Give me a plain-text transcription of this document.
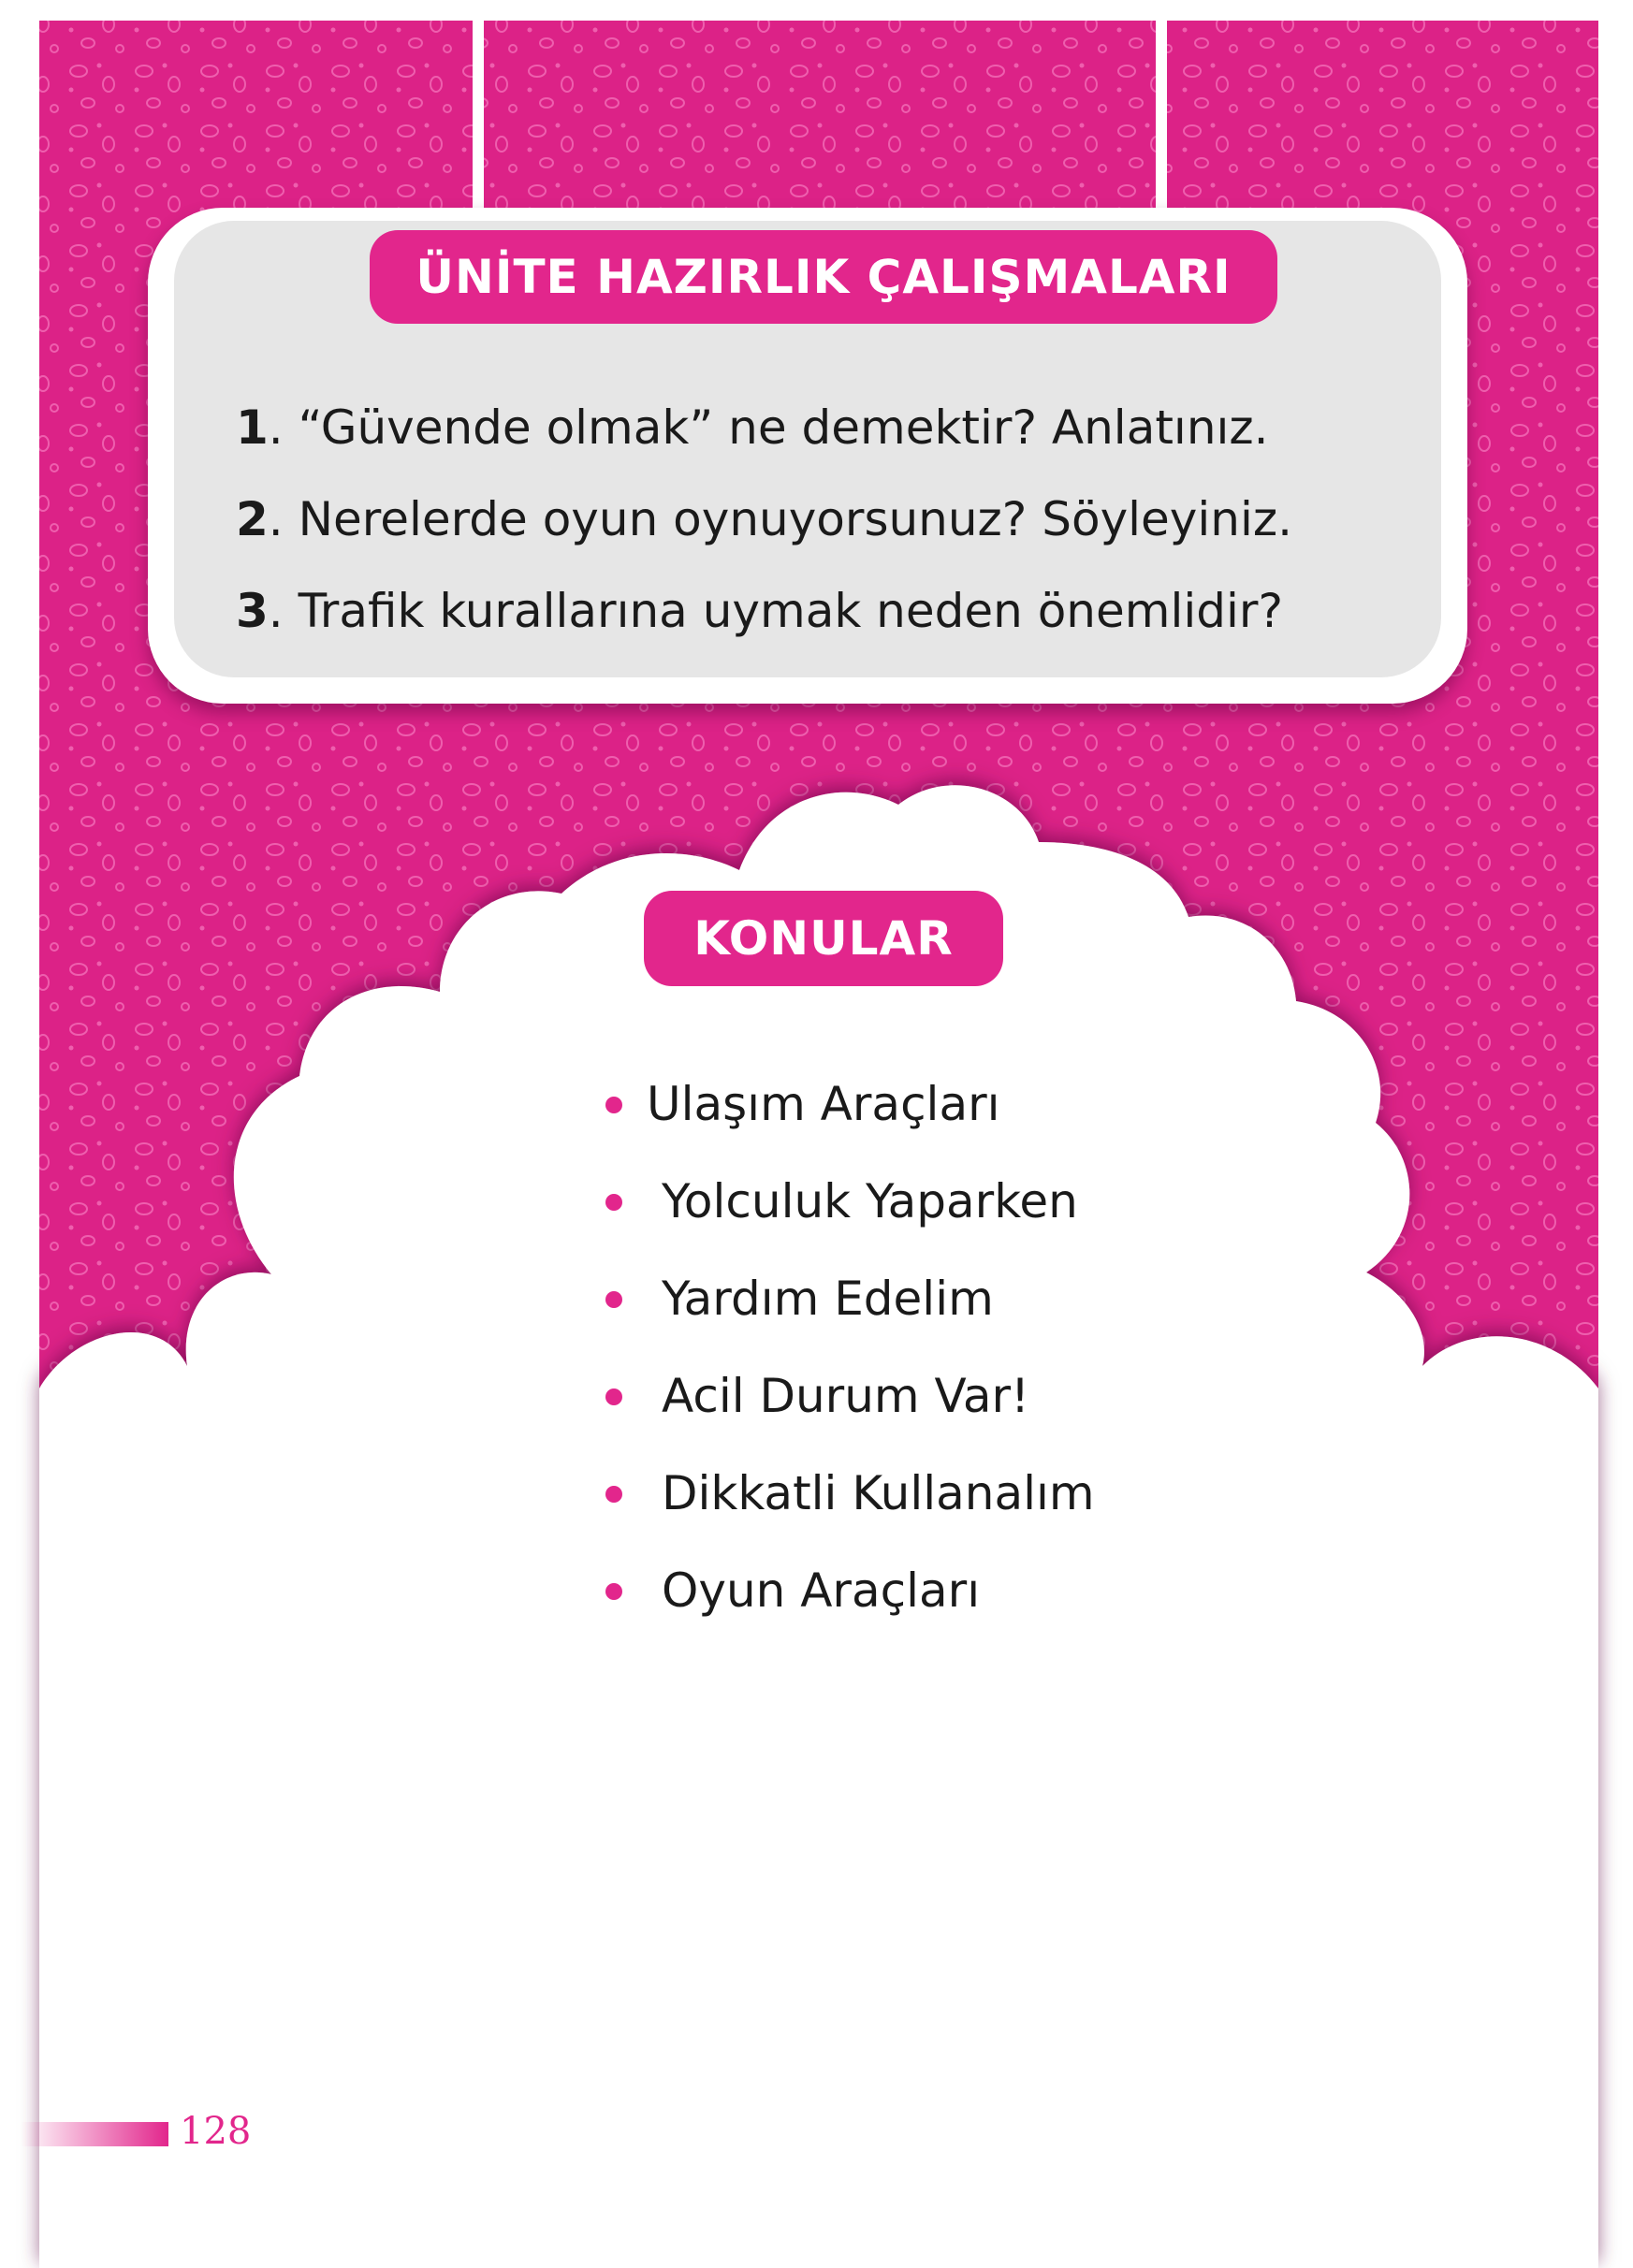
ÜNİTE HAZIRLIK ÇALIŞMALARI
1. “Güvende olmak” ne demektir? Anlatınız.
2. Nerelerde oyun oynuyorsunuz? Söyleyiniz.
3. Trafik kurallarına uymak neden önemlidir?
KONULAR
Ulaşım Araçları
Yolculuk Yaparken
Yardım Edelim
Acil Durum Var!
Dikkatli Kullanalım
Oyun Araçları
128
